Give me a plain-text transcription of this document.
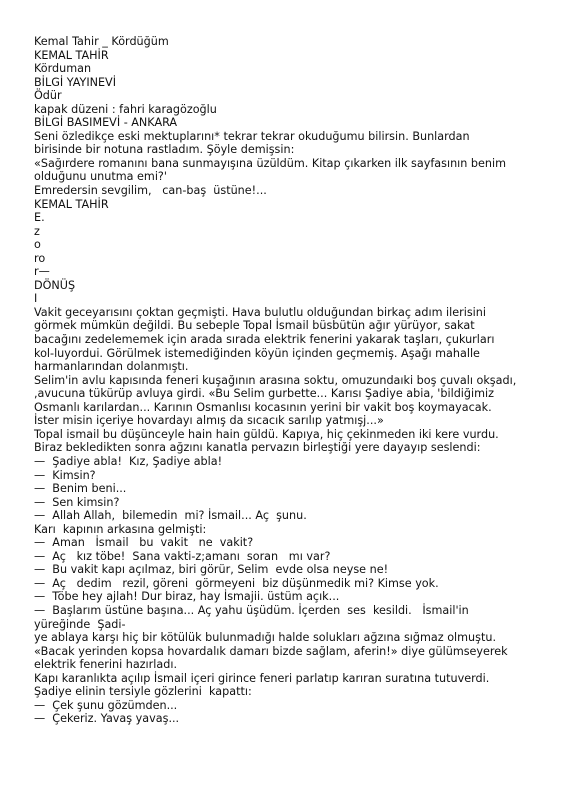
Kemal Tahir _ Kördüğüm
KEMAL TAHİR
Körduman
BİLGİ YAYINEVİ
Ödür
kapak düzeni : fahri karagözoğlu
BİLGİ BASIMEVİ - ANKARA
Seni özledikçe eski mektuplarını* tekrar tekrar okuduğumu bilirsin. Bunlardan
birisinde bir notuna rastladım. Şöyle demişsin:
«Sağırdere romanını bana sunmayışına üzüldüm. Kitap çıkarken ilk sayfasının benim
olduğunu unutma emi?'
Emredersin sevgilim,   can-baş  üstüne!...
KEMAL TAHİR
E.
z
o
ro
r—
DÖNÜŞ
I
Vakit geceyarısını çoktan geçmişti. Hava bulutlu olduğundan birkaç adım ilerisini
görmek mümkün değildi. Bu sebeple Topal İsmail büsbütün ağır yürüyor, sakat
bacağını zedelememek için arada sırada elektrik fenerini yakarak taşları, çukurları
kol-luyordui. Görülmek istemediğinden köyün içinden geçmemiş. Aşağı mahalle
harmanlarından dolanmıştı.
Selim'in avlu kapısında feneri kuşağının arasına soktu, omuzundaıki boş çuvalı okşadı,
,avucuna tükürüp avluya girdi. «Bu Selim gurbette... Karısı Şadiye abia, 'bildiğimiz
Osmanlı karılardan... Karının Osmanlısı kocasının yerini bir vakit boş koymayacak.
İster misin içeriye hovardayı almış da sıcacık sarılıp yatmışj...»
Topal ismail bu düşünceyle hain hain güldü. Kapıya, hiç çekinmeden iki kere vurdu.
Biraz bekledikten sonra ağzını kanatla pervazın birleştiği yere dayayıp seslendi:
—  Şadiye abla!  Kız, Şadiye abla!
—  Kimsin?
—  Benim beni...
—  Sen kimsin?
—  Allah Allah,  bilemedin  mi? İsmail... Aç  şunu.
Karı  kapının arkasına gelmişti:
—  Aman   İsmail   bu  vakit   ne  vakit?
—  Aç   kız töbe!  Sana vakti-z;amanı  soran   mı var?
—  Bu vakit kapı açılmaz, biri görür, Selim  evde olsa neyse ne!
—  Aç   dedim   rezil, göreni  görmeyeni  biz düşünmedik mi? Kimse yok.
—  Töbe hey ajlah! Dur biraz, hay İsmajii. üstüm açık...
—  Başlarım üstüne başına... Aç yahu üşüdüm. İçerden  ses  kesildi.   İsmail'in
yüreğinde  Şadi-
ye ablaya karşı hiç bir kötülük bulunmadığı halde solukları ağzına sığmaz olmuştu.
«Bacak yerinden kopsa hovardalık damarı bizde sağlam, aferin!» diye gülümseyerek
elektrik fenerini hazırladı.
Kapı karanlıkta açılıp İsmail içeri girince feneri parlatıp karıran suratına tutuverdi.
Şadiye elinin tersiyle gözlerini  kapattı:
—  Çek şunu gözümden...
—  Çekeriz. Yavaş yavaş...
